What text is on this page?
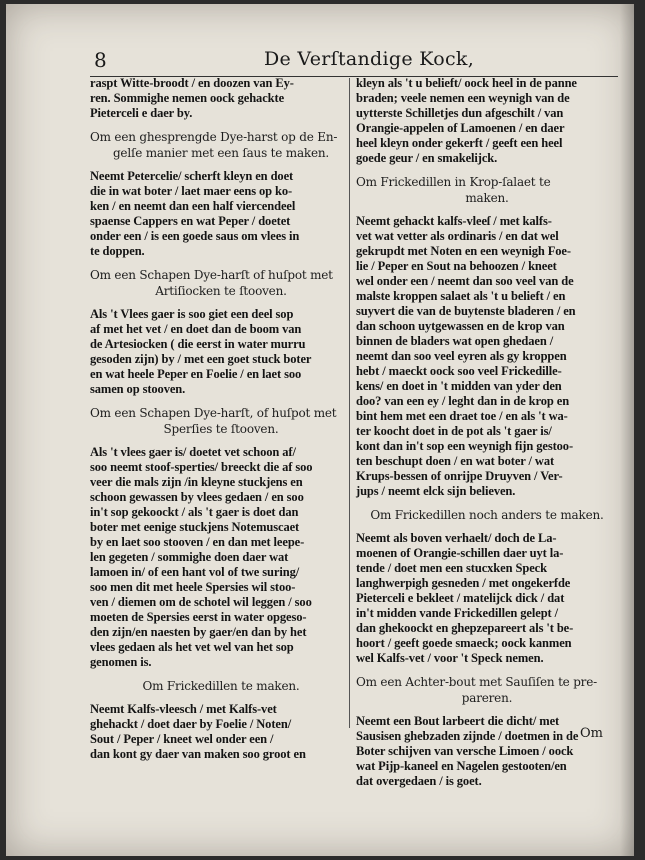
8	De Verſtandige Kock,
raspt Witte-broodt / en doozen van Ey-
ren. Sommighe nemen oock gehackte
Pieterceli e daer by.
Om een ghesprengde Dye-harst op de En-
gelſe manier met een ſaus te maken.
Neemt Petercelie/ scherft kleyn en doet
die in wat boter / laet maer eens op ko-
ken / en neemt dan een half viercendeel
spaense Cappers en wat Peper / doetet
onder een / is een goede saus om vlees in
te doppen.
Om een Schapen Dye-harſt of huſpot met
Artiſiocken te ſtooven.
Als 't Vlees gaer is soo giet een deel sop
af met het vet / en doet dan de boom van
de Artesiocken ( die eerst in water murru
gesoden zijn) by / met een goet stuck boter
en wat heele Peper en Foelie / en laet soo
samen op stooven.
Om een Schapen Dye-harſt, of huſpot met
Sperſies te ſtooven.
Als 't vlees gaer is/ doetet vet schoon af/
soo neemt stoof-sperties/ breeckt die af soo
veer die mals zijn /in kleyne stuckjens en
schoon gewassen by vlees gedaen / en soo
in't sop gekoockt / als 't gaer is doet dan
boter met eenige stuckjens Notemuscaet
by en laet soo stooven / en dan met leepe-
len gegeten / sommighe doen daer wat
lamoen in/ of een hant vol of twe suring/
soo men dit met heele Spersies wil stoo-
ven / diemen om de schotel wil leggen / soo
moeten de Spersies eerst in water opgeso-
den zijn/en naesten by gaer/en dan by het
vlees gedaen als het vet wel van het sop
genomen is.
Om Frickedillen te maken.
Neemt Kalfs-vleesch / met Kalfs-vet
ghehackt / doet daer by Foelie / Noten/
Sout / Peper / kneet wel onder een /
dan kont gy daer van maken soo groot en
kleyn als 't u belieft/ oock heel in de panne
braden; veele nemen een weynigh van de
uytterste Schilletjes dun afgeschilt / van
Orangie-appelen of Lamoenen / en daer
heel kleyn onder gekerft / geeft een heel
goede geur / en smakelijck.
Om Frickedillen in Krop-ſalaet te
maken.
Neemt gehackt kalfs-vleeſ / met kalfs-
vet wat vetter als ordinaris / en dat wel
gekrupdt met Noten en een weynigh Foe-
lie / Peper en Sout na behoozen / kneet
wel onder een / neemt dan soo veel van de
malste kroppen salaet als 't u belieft / en
suyvert die van de buytenste bladeren / en
dan schoon uytgewassen en de krop van
binnen de bladers wat open ghedaen /
neemt dan soo veel eyren als gy kroppen
hebt / maeckt oock soo veel Frickedille-
kens/ en doet in 't midden van yder den
doo? van een ey / leght dan in de krop en
bint hem met een draet toe / en als 't wa-
ter koocht doet in de pot als 't gaer is/
kont dan in't sop een weynigh fijn gestoo-
ten beschupt doen / en wat boter / wat
Krups-bessen of onrijpe Druyven / Ver-
jups / neemt elck sijn believen.
Om Frickedillen noch anders te maken.
Neemt als boven verhaelt/ doch de La-
moenen of Orangie-schillen daer uyt la-
tende / doet men een stucxken Speck
langhwerpigh gesneden / met ongekerfde
Pieterceli e bekleet / matelijck dick / dat
in't midden vande Frickedillen gelept /
dan ghekoockt en ghepzepareert als 't be-
hoort / geeft goede smaeck; oock kanmen
wel Kalfs-vet / voor 't Speck nemen.
Om een Achter-bout met Sauſiſen te pre-
pareren.
Neemt een Bout larbeert die dicht/ met
Sausisen ghebzaden zijnde / doetmen in de
Boter schijven van versche Limoen / oock
wat Pijp-kaneel en Nagelen gestooten/en
dat overgedaen / is goet.
Om
